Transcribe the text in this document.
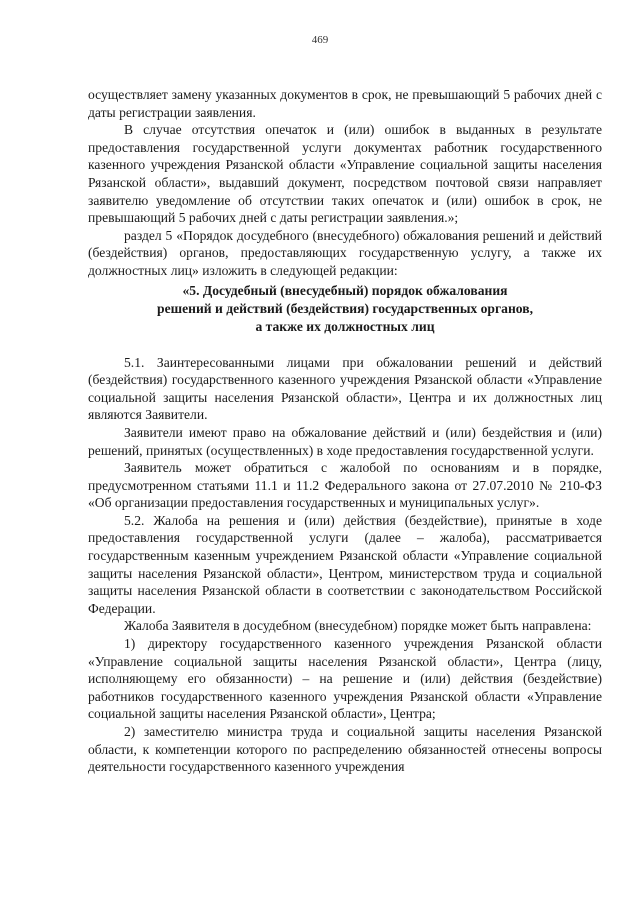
469

осуществляет замену указанных документов в срок, не превышающий 5 рабочих дней с даты регистрации заявления.

В случае отсутствия опечаток и (или) ошибок в выданных в результате предоставления государственной услуги документах работник государственного казенного учреждения Рязанской области «Управление социальной защиты населения Рязанской области», выдавший документ, посредством почтовой связи направляет заявителю уведомление об отсутствии таких опечаток и (или) ошибок в срок, не превышающий 5 рабочих дней с даты регистрации заявления.»;

раздел 5 «Порядок досудебного (внесудебного) обжалования решений и действий (бездействия) органов, предоставляющих государственную услугу, а также их должностных лиц» изложить в следующей редакции:

«5. Досудебный (внесудебный) порядок обжалования
решений и действий (бездействия) государственных органов,
а также их должностных лиц

5.1. Заинтересованными лицами при обжаловании решений и действий (бездействия) государственного казенного учреждения Рязанской области «Управление социальной защиты населения Рязанской области», Центра и их должностных лиц являются Заявители.

Заявители имеют право на обжалование действий и (или) бездействия и (или) решений, принятых (осуществленных) в ходе предоставления государственной услуги.

Заявитель может обратиться с жалобой по основаниям и в порядке, предусмотренном статьями 11.1 и 11.2 Федерального закона от 27.07.2010 № 210-ФЗ «Об организации предоставления государственных и муниципальных услуг».

5.2. Жалоба на решения и (или) действия (бездействие), принятые в ходе предоставления государственной услуги (далее – жалоба), рассматривается государственным казенным учреждением Рязанской области «Управление социальной защиты населения Рязанской области», Центром, министерством труда и социальной защиты населения Рязанской области в соответствии с законодательством Российской Федерации.

Жалоба Заявителя в досудебном (внесудебном) порядке может быть направлена:

1) директору государственного казенного учреждения Рязанской области «Управление социальной защиты населения Рязанской области», Центра (лицу, исполняющему его обязанности) – на решение и (или) действия (бездействие) работников государственного казенного учреждения Рязанской области «Управление социальной защиты населения Рязанской области», Центра;

2) заместителю министра труда и социальной защиты населения Рязанской области, к компетенции которого по распределению обязанностей отнесены вопросы деятельности государственного казенного учреждения
